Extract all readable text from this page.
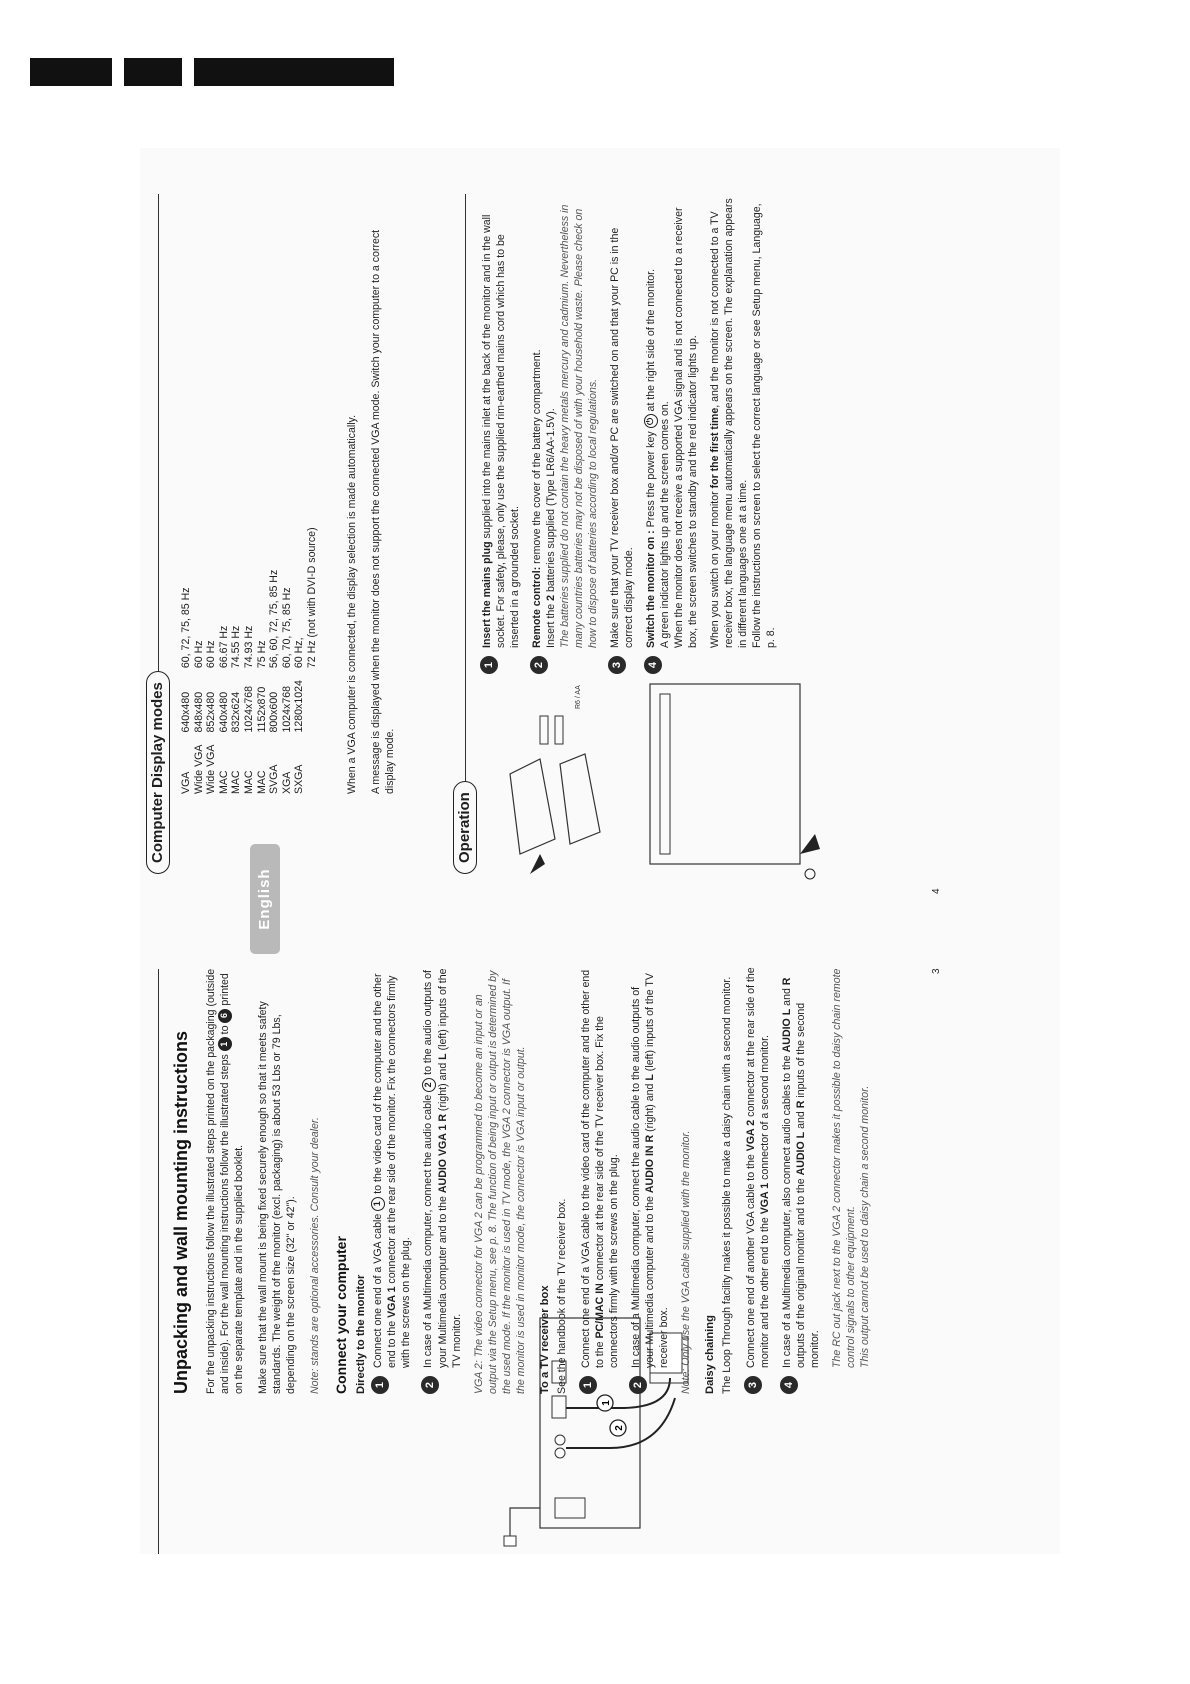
1
2
Unpacking and wall mounting instructions For the unpacking instructions follow the illustrated steps printed on the packaging (outside and inside). For the wall mounting instructions follow the illustrated steps 1 to 6 printed on the separate template and in the supplied booklet. Make sure that the wall mount is being fixed securely enough so that it meets safety standards. The weight of the monitor (excl. packaging) is about 53 Lbs or 79 Lbs, depending on the screen size (32" or 42"). Note: stands are optional accessories. Consult your dealer. Connect your computer Directly to the monitor 1
Connect one end of a VGA cable 1 to the video card of the computer and the other end to the VGA 1 connector at the rear side of the monitor. Fix the connectors firmly with the screws on the plug.
2
In case of a Multimedia computer, connect the audio cable 2 to the audio outputs of your Multimedia computer and to the AUDIO VGA 1 R (right) and L (left) inputs of the TV monitor. VGA 2: The video connector for VGA 2 can be programmed to become an input or an output via the Setup menu, see p. 8. The function of being input or output is determined by the used mode. If the monitor is used in TV mode, the VGA 2 connector is VGA output. If the monitor is used in monitor mode, the connector is VGA input or output. To a TV receiver box See the handbook of the TV receiver box. 1
Connect one end of a VGA cable to the video card of the computer and the other end to the PC/MAC IN connector at the rear side of the TV receiver box. Fix the connectors firmly with the screws on the plug.
2
In case of a Multimedia computer, connect the audio cable to the audio outputs of your Multimedia computer and to the AUDIO IN R (right) and L (left) inputs of the TV receiver box. Note: Only use the VGA cable supplied with the monitor. Daisy chaining The Loop Through facility makes it possible to make a daisy chain with a second monitor. 3
Connect one end of another VGA cable to the VGA 2 connector at the rear side of the monitor and the other end to the VGA 1 connector of a second monitor.
4
In case of a Multimedia computer, also connect audio cables to the AUDIO L and R outputs of the original monitor and to the AUDIO L and R inputs of the second monitor. The RC out jack next to the VGA 2 connector makes it possible to daisy chain remote control signals to other equipment. This output cannot be used to daisy chain a second monitor.

English
3
Computer Display modes	VGA	640x480	60, 72, 75, 85 Hz
Wide VGA	848x480	60 Hz
Wide VGA	852x480	60 Hz
MAC	640x480	66.67 Hz
MAC	832x624	74.55 Hz
MAC	1024x768	74.93 Hz
MAC	1152x870	75 Hz
SVGA	800x600	56, 60, 72, 75, 85 Hz
XGA	1024x768	60, 70, 75, 85 Hz
SXGA	1280x1024	60 Hz,
		72 Hz (not with DVI-D source)	When a VGA computer is connected, the display selection is made automatically. A message is displayed when the monitor does not support the connected VGA mode. Switch your computer to a correct display mode.

Operation
R6 / AA
1
Insert the mains plug supplied into the mains inlet at the back of the monitor and in the wall socket. For safety, please, only use the supplied rim-earthed mains cord which has to be inserted in a grounded socket.
2
Remote control: remove the cover of the battery compartment.
Insert the 2 batteries supplied (Type LR6/AA-1.5V). The batteries supplied do not contain the heavy metals mercury and cadmium. Nevertheless in many countries batteries may not be disposed of with your household waste. Please check on how to dispose of batteries according to local regulations.
3
Make sure that your TV receiver box and/or PC are switched on and that your PC is in the correct display mode.
4
Switch the monitor on : Press the power key ⏻ at the right side of the monitor.
A green indicator lights up and the screen comes on. When the monitor does not receive a supported VGA signal and is not connected to a receiver box, the screen switches to standby and the red indicator lights up. When you switch on your monitor for the first time, and the monitor is not connected to a TV receiver box, the language menu automatically appears on the screen. The explanation appears in different languages one at a time. Follow the instructions on screen to select the correct language or see Setup menu, Language, p. 8.

4
